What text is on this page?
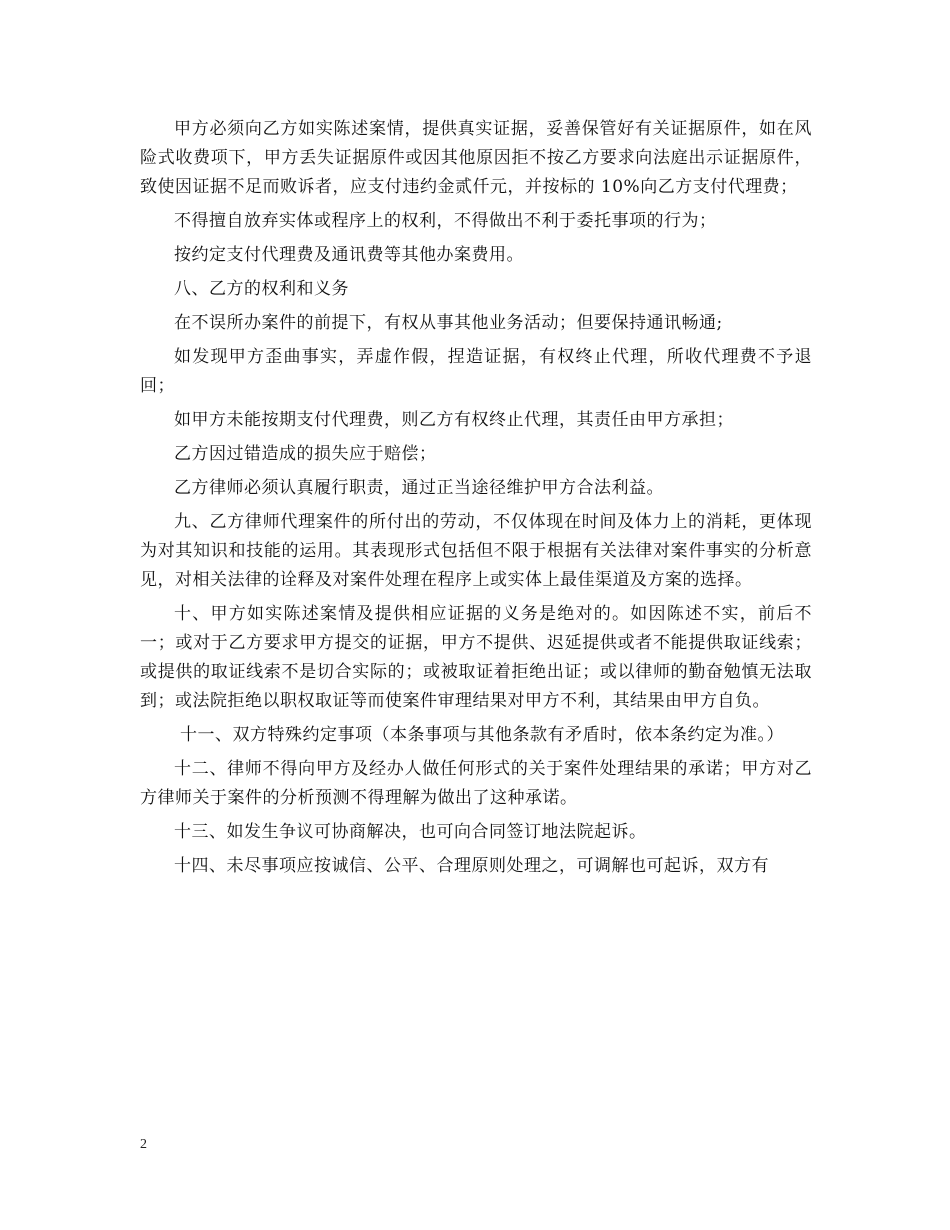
甲方必须向乙方如实陈述案情，提供真实证据，妥善保管好有关证据原件，如在风险式收费项下，甲方丢失证据原件或因其他原因拒不按乙方要求向法庭出示证据原件，致使因证据不足而败诉者，应支付违约金贰仟元，并按标的 10%向乙方支付代理费；

不得擅自放弃实体或程序上的权利，不得做出不利于委托事项的行为；

按约定支付代理费及通讯费等其他办案费用。

八、乙方的权利和义务

在不误所办案件的前提下，有权从事其他业务活动；但要保持通讯畅通;

如发现甲方歪曲事实，弄虚作假，捏造证据，有权终止代理，所收代理费不予退回；

如甲方未能按期支付代理费，则乙方有权终止代理，其责任由甲方承担；

乙方因过错造成的损失应于赔偿；

乙方律师必须认真履行职责，通过正当途径维护甲方合法利益。

九、乙方律师代理案件的所付出的劳动，不仅体现在时间及体力上的消耗，更体现为对其知识和技能的运用。其表现形式包括但不限于根据有关法律对案件事实的分析意见，对相关法律的诠释及对案件处理在程序上或实体上最佳渠道及方案的选择。

十、甲方如实陈述案情及提供相应证据的义务是绝对的。如因陈述不实，前后不一；或对于乙方要求甲方提交的证据，甲方不提供、迟延提供或者不能提供取证线索；或提供的取证线索不是切合实际的；或被取证着拒绝出证；或以律师的勤奋勉慎无法取到；或法院拒绝以职权取证等而使案件审理结果对甲方不利，其结果由甲方自负。

十一、双方特殊约定事项（本条事项与其他条款有矛盾时，依本条约定为准。）

十二、律师不得向甲方及经办人做任何形式的关于案件处理结果的承诺；甲方对乙方律师关于案件的分析预测不得理解为做出了这种承诺。

十三、如发生争议可协商解决，也可向合同签订地法院起诉。

十四、未尽事项应按诚信、公平、合理原则处理之，可调解也可起诉，双方有

2
